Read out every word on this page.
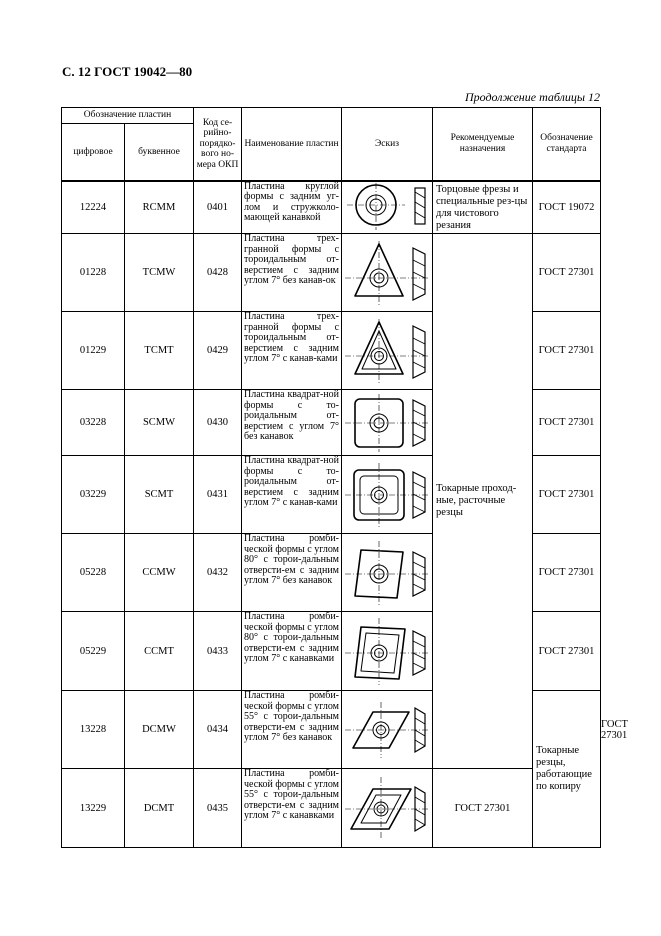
С. 12 ГОСТ 19042—80
Продолжение таблицы 12
Обозначение пластин		Код се-рийно-порядко-вого но-мера ОКП	Наименование пластин	Эскиз	Рекомендуемые назначения	Обозначение стандарта	
цифровое	буквенное						
12224	RCMM	0401	Пластина круглой формы с задним уг-лом и стружколо-мающей канавкой		Торцовые фрезы и специальные рез-цы для чистового резания	ГОСТ 19072	
01228	TCMW	0428	Пластина трех-гранной формы с тороидальным от-верстием с задним углом 7° без канав-ок		Токарные проход-ные, расточные резцы	ГОСТ 27301	
01229	TCMT	0429	Пластина трех-гранной формы с тороидальным от-верстием с задним углом 7° с канав-ками			ГОСТ 27301	
03228	SCMW	0430	Пластина квадрат-ной формы с то-роидальным от-верстием с углом 7° без канавок			ГОСТ 27301	
03229	SCMT	0431	Пластина квадрат-ной формы с то-роидальным от-верстием с задним углом 7° с канав-ками			ГОСТ 27301	
05228	CCMW	0432	Пластина ромби-ческой формы с углом 80° с торои-дальным отверсти-ем с задним углом 7° без канавок			ГОСТ 27301	
05229	CCMT	0433	Пластина ромби-ческой формы с углом 80° с торои-дальным отверсти-ем с задним углом 7° с канавками			ГОСТ 27301	
13228	DCMW	0434	Пластина ромби-ческой формы с углом 55° с торои-дальным отверсти-ем с задним углом 7° без канавок			Токарные резцы, работающие по копиру	ГОСТ 27301
13229	DCMT	0435	Пластина ромби-ческой формы с углом 55° с торои-дальным отверсти-ем с задним углом 7° с канавками		ГОСТ 27301		
